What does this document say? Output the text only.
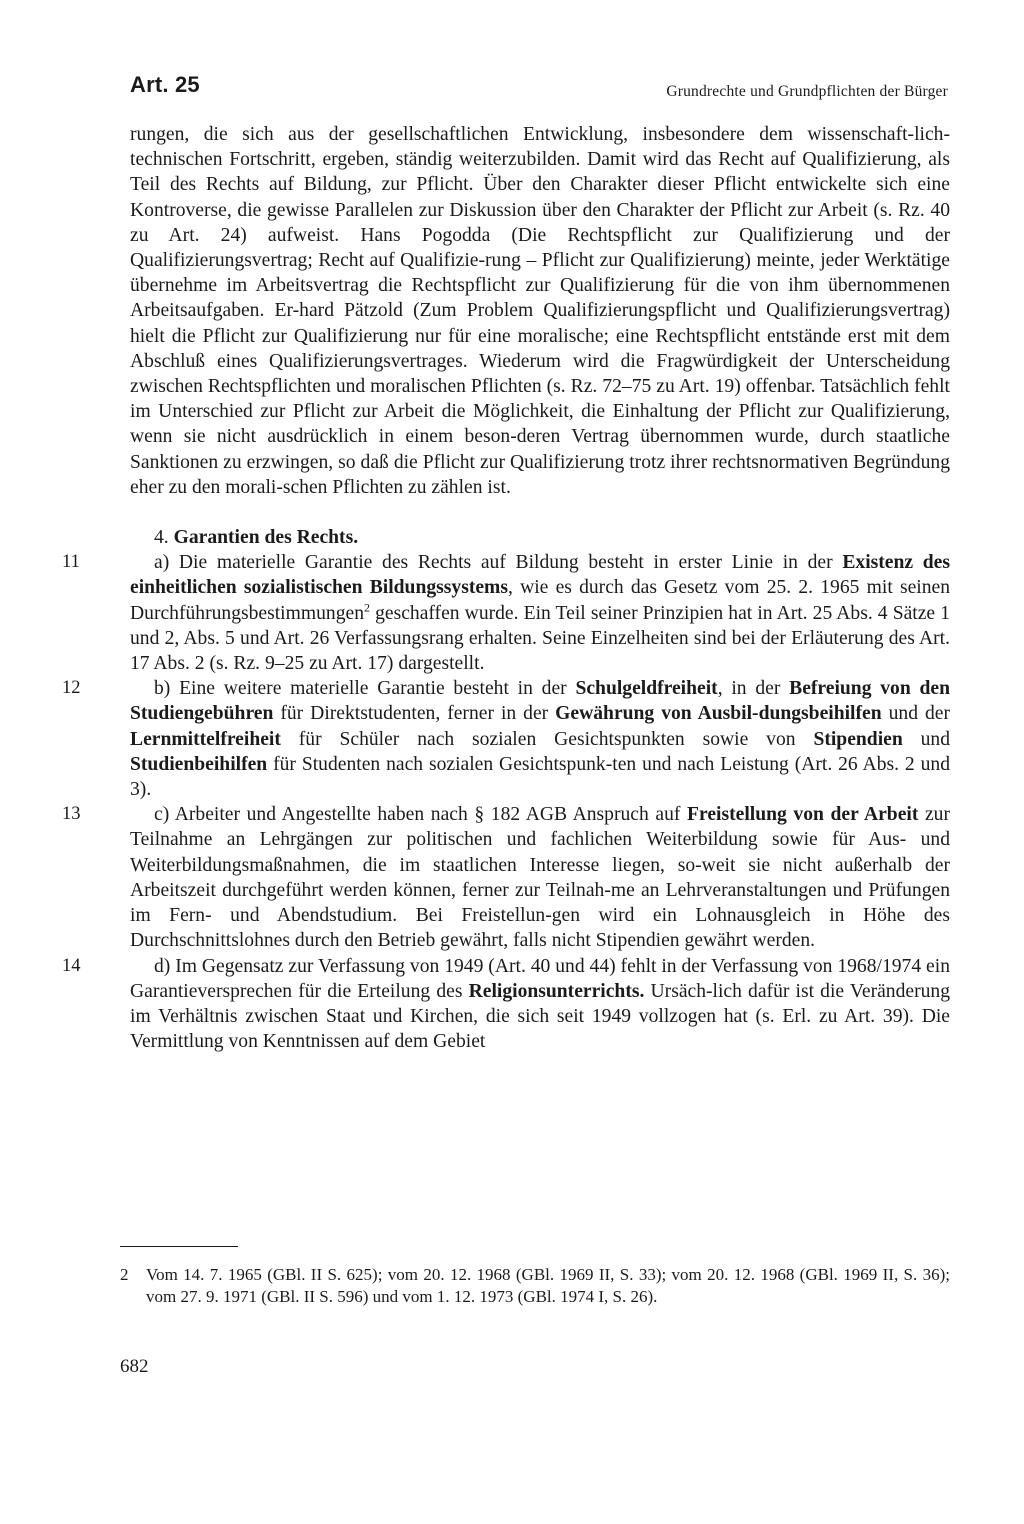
Art. 25	Grundrechte und Grundpflichten der Bürger

rungen, die sich aus der gesellschaftlichen Entwicklung, insbesondere dem wissenschaft-lich-technischen Fortschritt, ergeben, ständig weiterzubilden. Damit wird das Recht auf Qualifizierung, als Teil des Rechts auf Bildung, zur Pflicht. Über den Charakter dieser Pflicht entwickelte sich eine Kontroverse, die gewisse Parallelen zur Diskussion über den Charakter der Pflicht zur Arbeit (s. Rz. 40 zu Art. 24) aufweist. Hans Pogodda (Die Rechtspflicht zur Qualifizierung und der Qualifizierungsvertrag; Recht auf Qualifizie-rung – Pflicht zur Qualifizierung) meinte, jeder Werktätige übernehme im Arbeitsvertrag die Rechtspflicht zur Qualifizierung für die von ihm übernommenen Arbeitsaufgaben. Er-hard Pätzold (Zum Problem Qualifizierungspflicht und Qualifizierungsvertrag) hielt die Pflicht zur Qualifizierung nur für eine moralische; eine Rechtspflicht entstände erst mit dem Abschluß eines Qualifizierungsvertrages. Wiederum wird die Fragwürdigkeit der Unterscheidung zwischen Rechtspflichten und moralischen Pflichten (s. Rz. 72–75 zu Art. 19) offenbar. Tatsächlich fehlt im Unterschied zur Pflicht zur Arbeit die Möglichkeit, die Einhaltung der Pflicht zur Qualifizierung, wenn sie nicht ausdrücklich in einem beson-deren Vertrag übernommen wurde, durch staatliche Sanktionen zu erzwingen, so daß die Pflicht zur Qualifizierung trotz ihrer rechtsnormativen Begründung eher zu den morali-schen Pflichten zu zählen ist.

4. Garantien des Rechts.

11	a) Die materielle Garantie des Rechts auf Bildung besteht in erster Linie in der Existenz des einheitlichen sozialistischen Bildungssystems, wie es durch das Gesetz vom 25. 2. 1965 mit seinen Durchführungsbestimmungen$^2$ geschaffen wurde. Ein Teil seiner Prinzipien hat in Art. 25 Abs. 4 Sätze 1 und 2, Abs. 5 und Art. 26 Verfassungsrang erhalten. Seine Einzelheiten sind bei der Erläuterung des Art. 17 Abs. 2 (s. Rz. 9–25 zu Art. 17) dargestellt.

12	b) Eine weitere materielle Garantie besteht in der Schulgeldfreiheit, in der Befreiung von den Studiengebühren für Direktstudenten, ferner in der Gewährung von Ausbil-dungsbeihilfen und der Lernmittelfreiheit für Schüler nach sozialen Gesichtspunkten sowie von Stipendien und Studienbeihilfen für Studenten nach sozialen Gesichtspunk-ten und nach Leistung (Art. 26 Abs. 2 und 3).

13	c) Arbeiter und Angestellte haben nach § 182 AGB Anspruch auf Freistellung von der Arbeit zur Teilnahme an Lehrgängen zur politischen und fachlichen Weiterbildung sowie für Aus- und Weiterbildungsmaßnahmen, die im staatlichen Interesse liegen, so-weit sie nicht außerhalb der Arbeitszeit durchgeführt werden können, ferner zur Teilnah-me an Lehrveranstaltungen und Prüfungen im Fern- und Abendstudium. Bei Freistellun-gen wird ein Lohnausgleich in Höhe des Durchschnittslohnes durch den Betrieb gewährt, falls nicht Stipendien gewährt werden.

14	d) Im Gegensatz zur Verfassung von 1949 (Art. 40 und 44) fehlt in der Verfassung von 1968/1974 ein Garantieversprechen für die Erteilung des Religionsunterrichts. Ursäch-lich dafür ist die Veränderung im Verhältnis zwischen Staat und Kirchen, die sich seit 1949 vollzogen hat (s. Erl. zu Art. 39). Die Vermittlung von Kenntnissen auf dem Gebiet

2 Vom 14. 7. 1965 (GBl. II S. 625); vom 20. 12. 1968 (GBl. 1969 II, S. 33); vom 20. 12. 1968 (GBl. 1969 II, S. 36); vom 27. 9. 1971 (GBl. II S. 596) und vom 1. 12. 1973 (GBl. 1974 I, S. 26).
682
